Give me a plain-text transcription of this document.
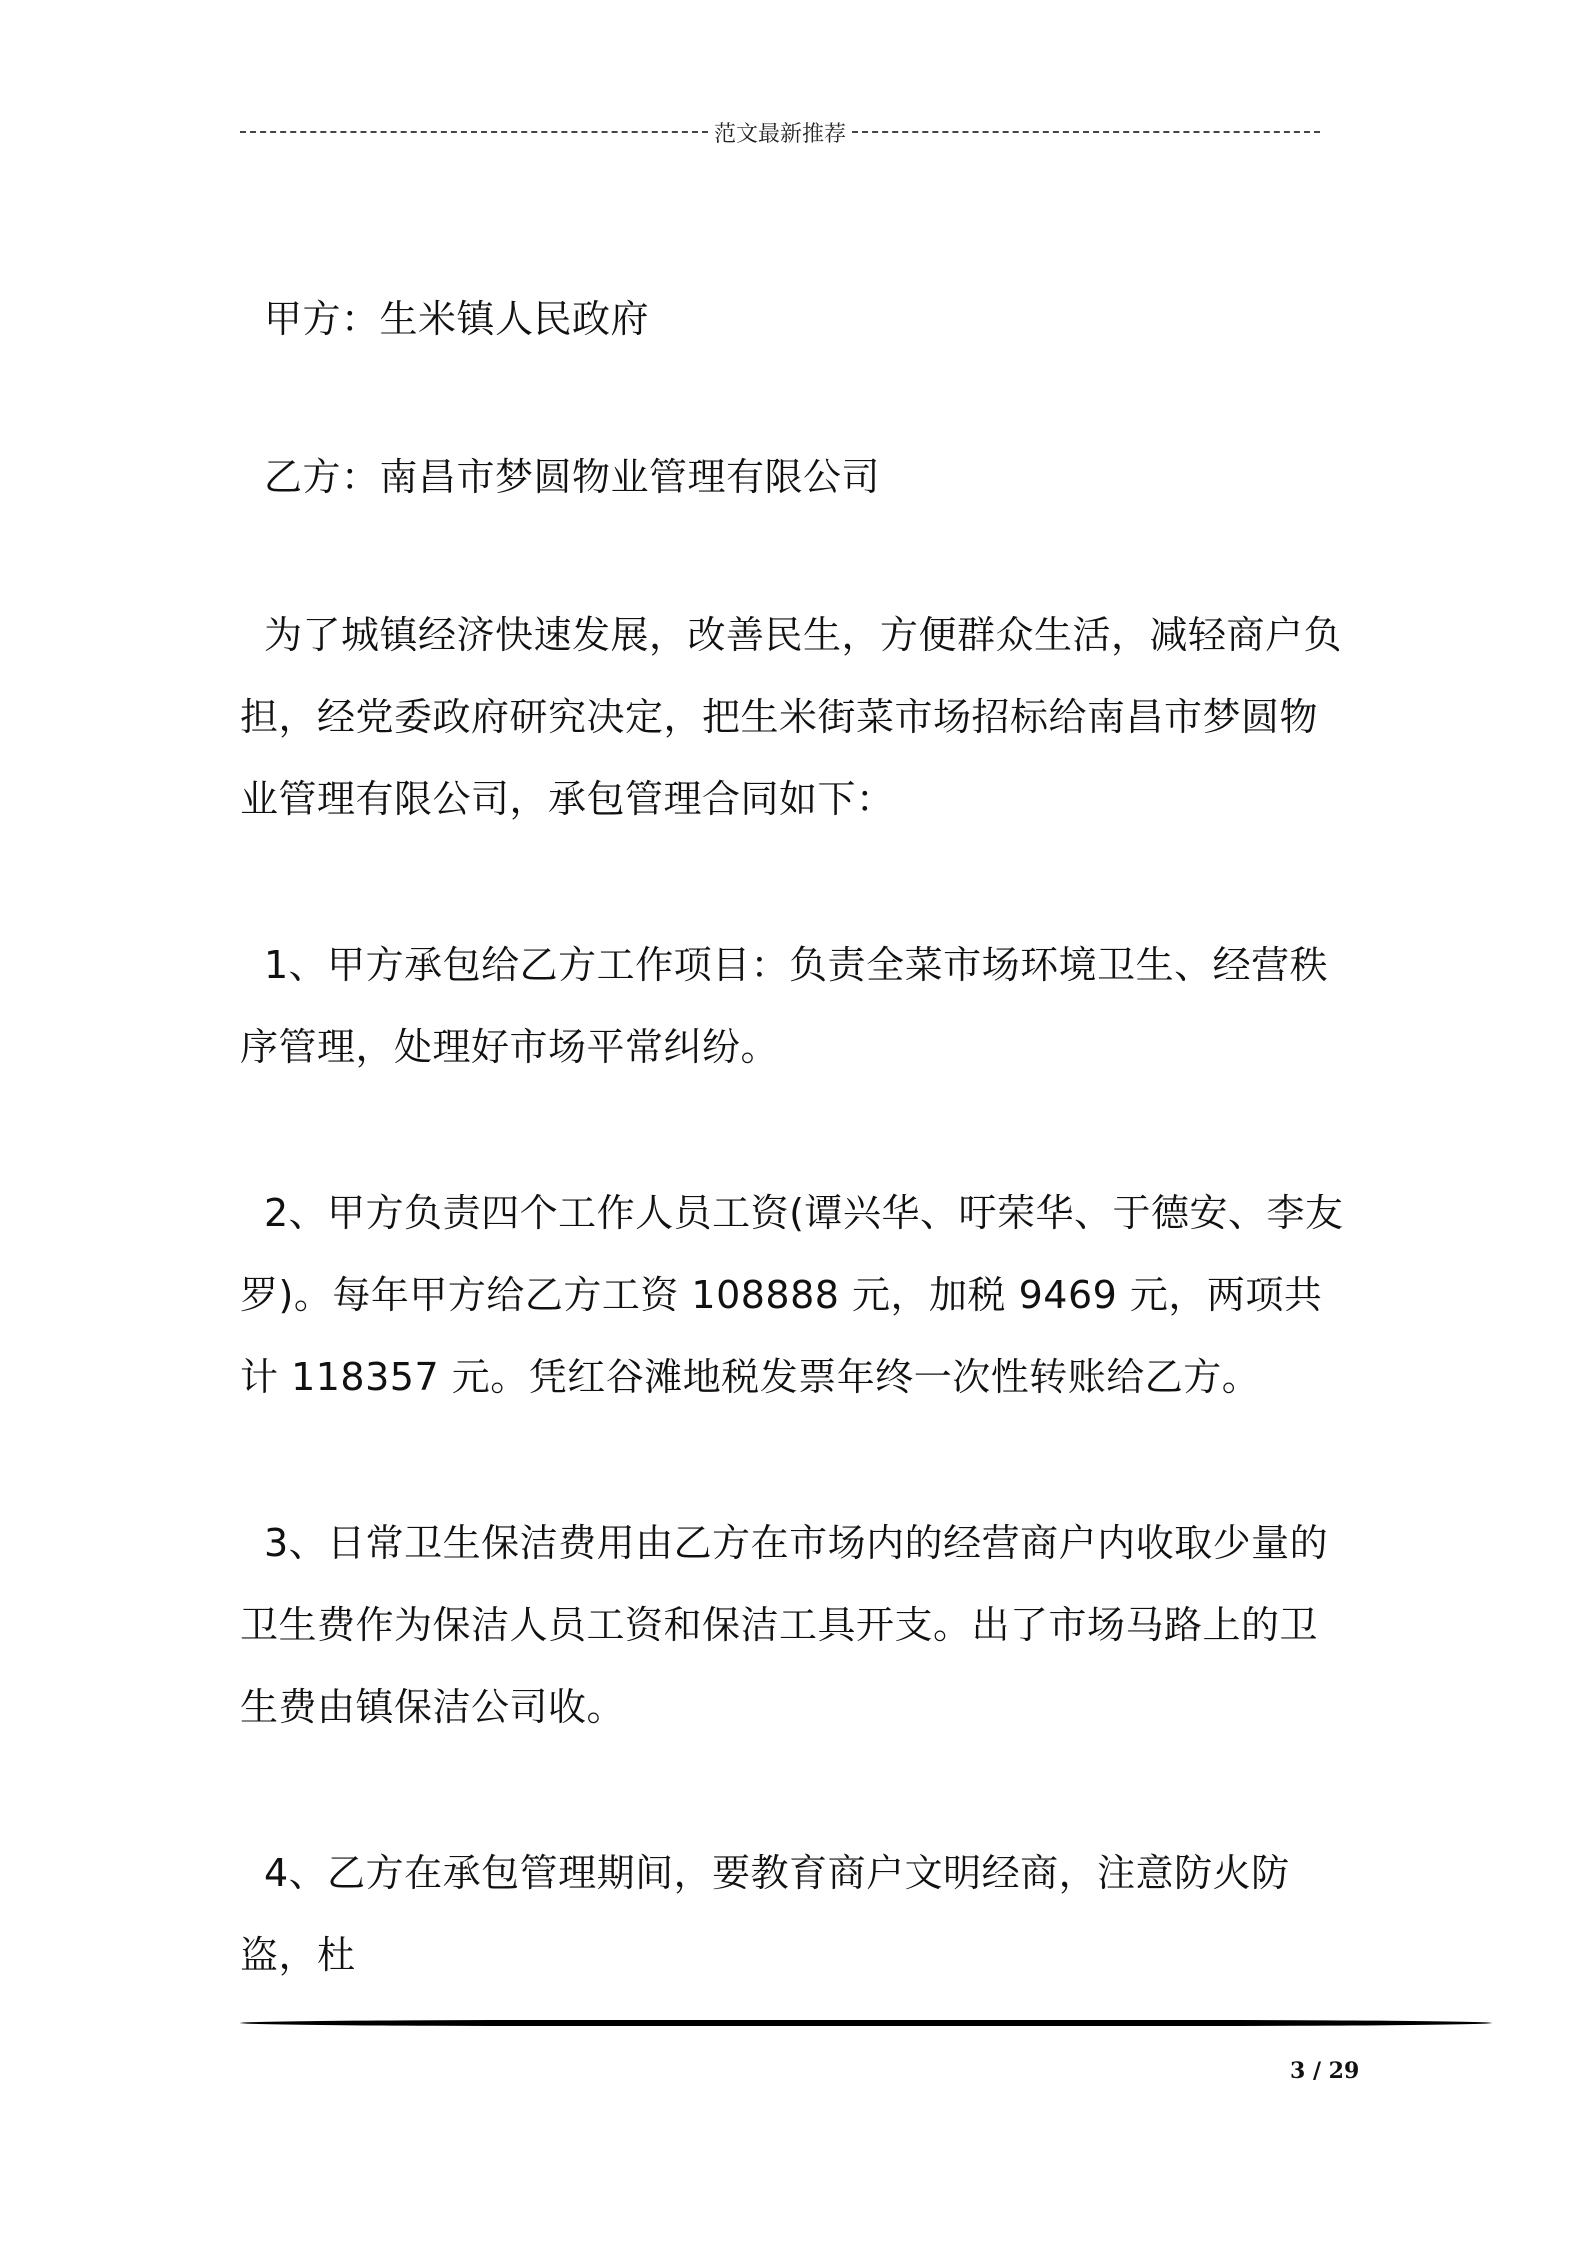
范文最新推荐

甲方：生米镇人民政府

乙方：南昌市梦圆物业管理有限公司

为了城镇经济快速发展，改善民生，方便群众生活，减轻商户负担，经党委政府研究决定，把生米街菜市场招标给南昌市梦圆物业管理有限公司，承包管理合同如下：

1、甲方承包给乙方工作项目：负责全菜市场环境卫生、经营秩序管理，处理好市场平常纠纷。

2、甲方负责四个工作人员工资(谭兴华、吁荣华、于德安、李友罗)。每年甲方给乙方工资 108888 元，加税 9469 元，两项共计 118357 元。凭红谷滩地税发票年终一次性转账给乙方。

3、日常卫生保洁费用由乙方在市场内的经营商户内收取少量的卫生费作为保洁人员工资和保洁工具开支。出了市场马路上的卫生费由镇保洁公司收。

4、乙方在承包管理期间，要教育商户文明经商，注意防火防盗，杜

3 / 29
